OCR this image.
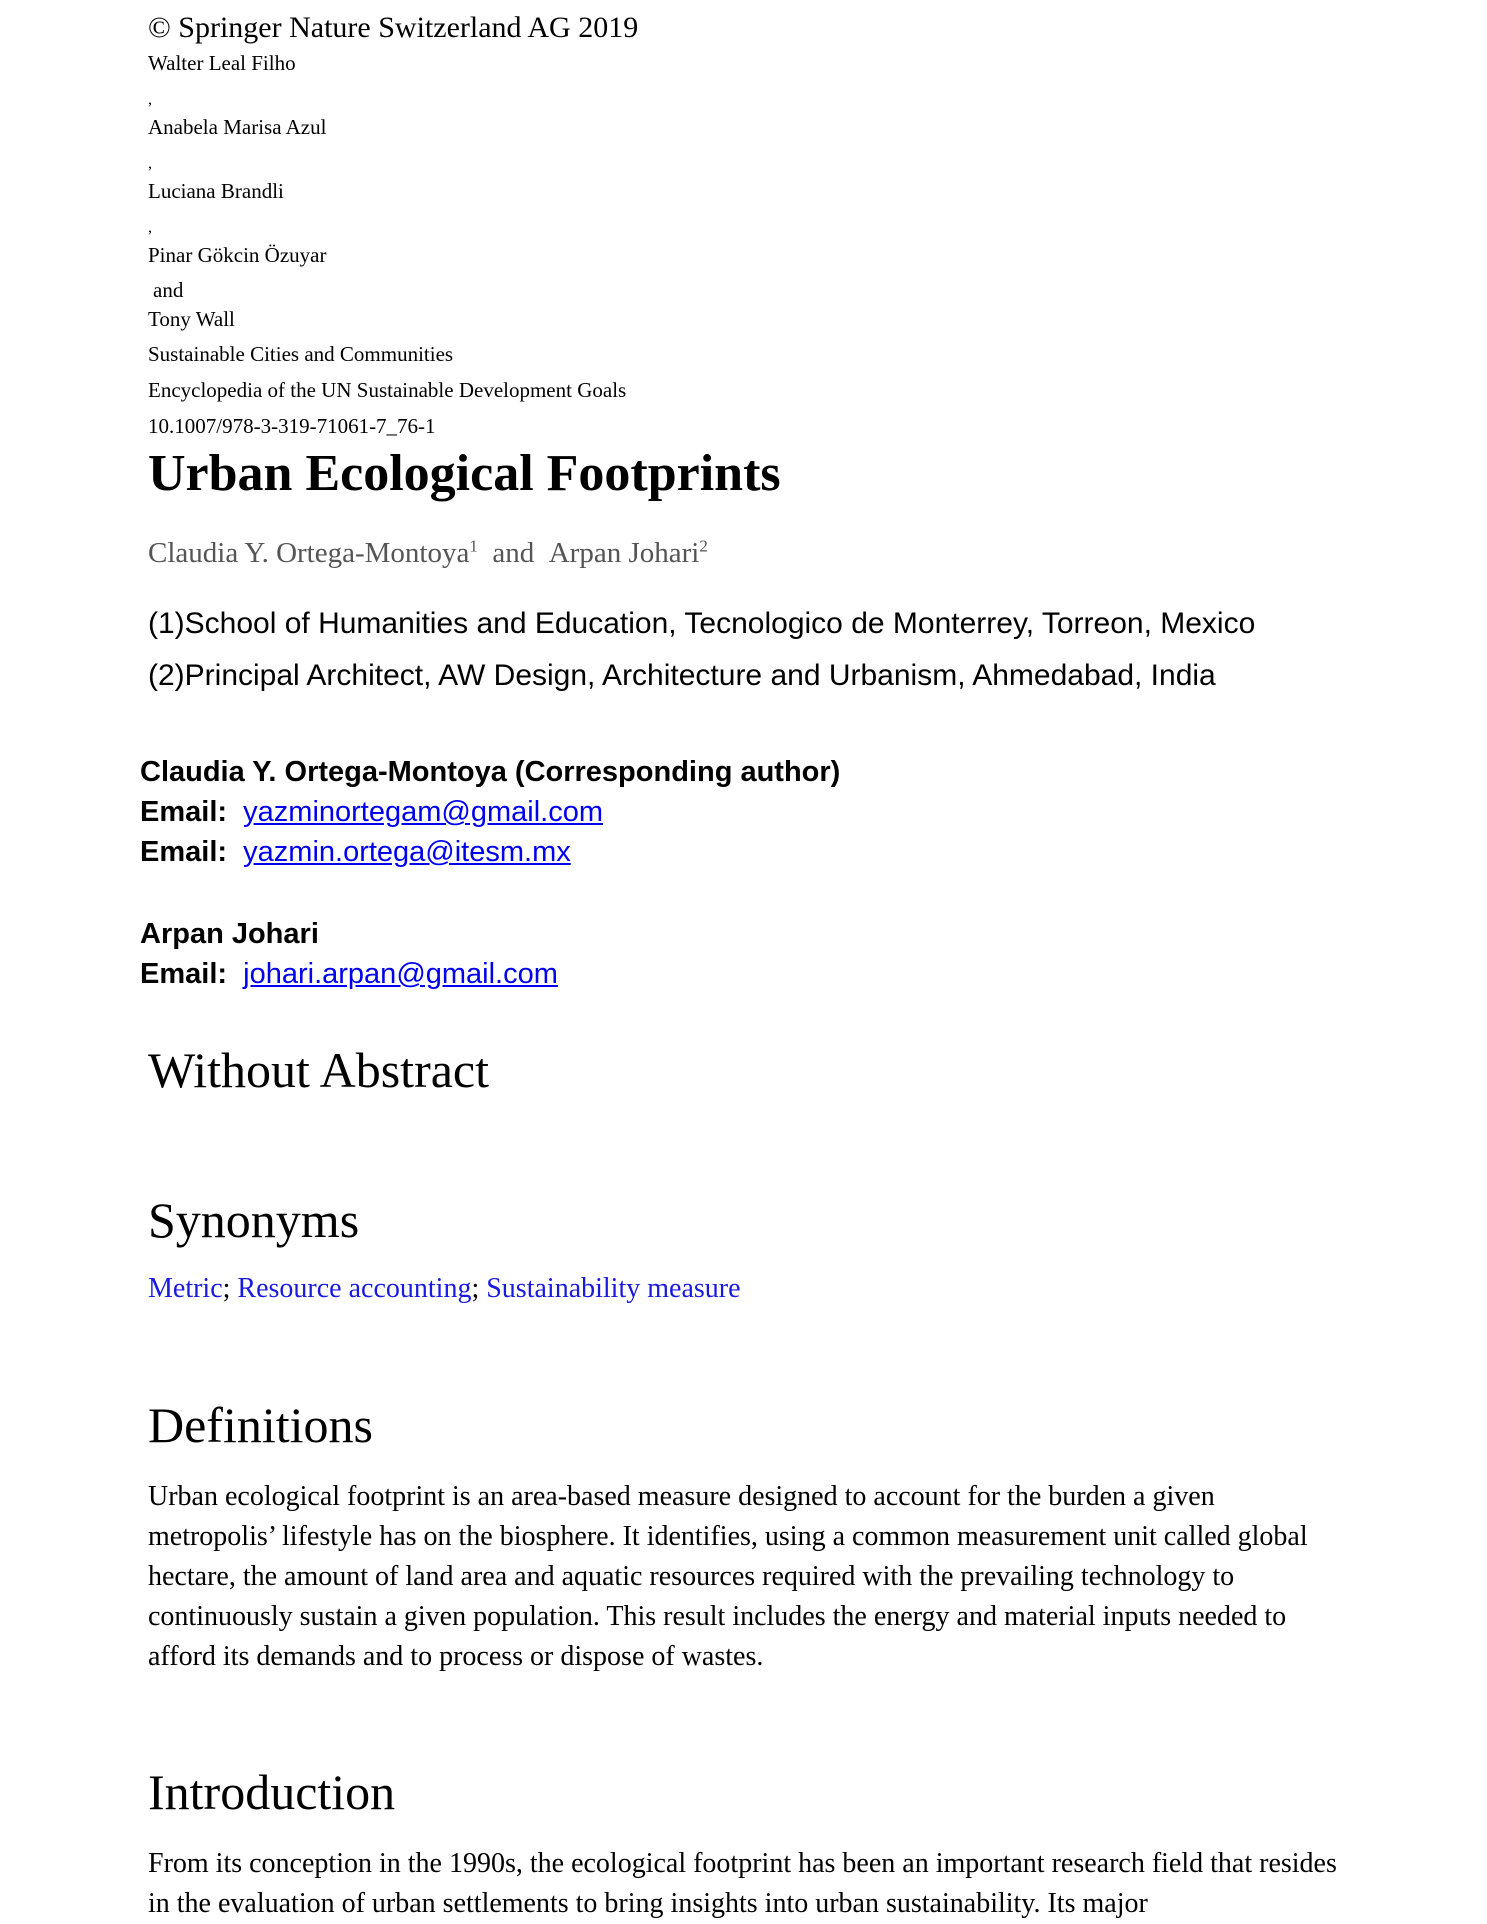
© Springer Nature Switzerland AG 2019
Walter Leal Filho
,
Anabela Marisa Azul
,
Luciana Brandli
,
Pinar Gökcin Özuyar
and
Tony Wall
Sustainable Cities and Communities
Encyclopedia of the UN Sustainable Development Goals
10.1007/978-3-319-71061-7_76-1
Urban Ecological Footprints
Claudia Y. Ortega-Montoya$^1$ and Arpan Johari$^2$
(1)School of Humanities and Education, Tecnologico de Monterrey, Torreon, Mexico
(2)Principal Architect, AW Design, Architecture and Urbanism, Ahmedabad, India
Claudia Y. Ortega-Montoya (Corresponding author)
Email: yazminortegam@gmail.com
Email: yazmin.ortega@itesm.mx
Arpan Johari
Email: johari.arpan@gmail.com
Without Abstract
Synonyms
Metric; Resource accounting; Sustainability measure
Definitions
Urban ecological footprint is an area-based measure designed to account for the burden a given metropolis’ lifestyle has on the biosphere. It identifies, using a common measurement unit called global hectare, the amount of land area and aquatic resources required with the prevailing technology to continuously sustain a given population. This result includes the energy and material inputs needed to afford its demands and to process or dispose of wastes.
Introduction
From its conception in the 1990s, the ecological footprint has been an important research field that resides in the evaluation of urban settlements to bring insights into urban sustainability. Its major
